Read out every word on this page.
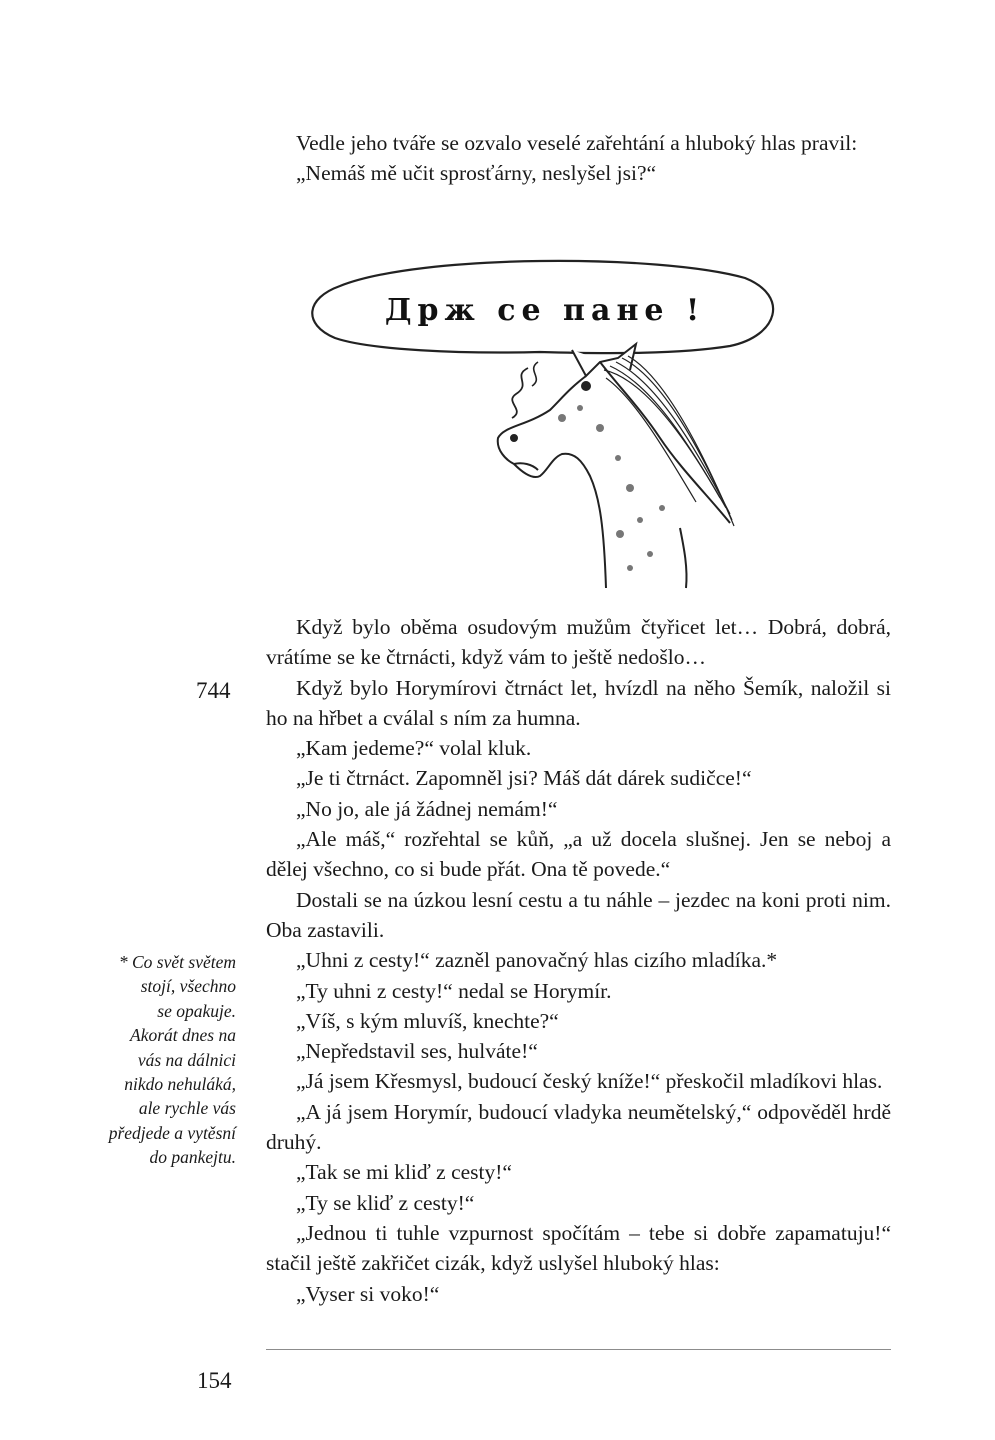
Vedle jeho tváře se ozvalo veselé zařehtání a hluboký hlas pravil:

„Nemáš mě učit sprosťárny, neslyšel jsi?“

Држ се пане !
744

Když bylo oběma osudovým mužům čtyřicet let… Dobrá, dobrá, vrátíme se ke čtrnácti, když vám to ještě nedošlo…

Když bylo Horymírovi čtrnáct let, hvízdl na něho Šemík, naložil si ho na hřbet a cválal s ním za humna.

„Kam jedeme?“ volal kluk.

„Je ti čtrnáct. Zapomněl jsi? Máš dát dárek sudičce!“

„No jo, ale já žádnej nemám!“

„Ale máš,“ rozřehtal se kůň, „a už docela slušnej. Jen se neboj a dělej všechno, co si bude přát. Ona tě povede.“

Dostali se na úzkou lesní cestu a tu náhle – jezdec na koni proti nim. Oba zastavili.

„Uhni z cesty!“ zazněl panovačný hlas cizího mladíka.*

„Ty uhni z cesty!“ nedal se Horymír.

„Víš, s kým mluvíš, knechte?“

„Nepředstavil ses, hulváte!“

„Já jsem Křesmysl, budoucí český kníže!“ přeskočil mladíkovi hlas.

„A já jsem Horymír, budoucí vladyka neumětelský,“ odpověděl hrdě druhý.

„Tak se mi kliď z cesty!“

„Ty se kliď z cesty!“

„Jednou ti tuhle vzpurnost spočítám – tebe si dobře zapamatuju!“ stačil ještě zakřičet cizák, když uslyšel hluboký hlas:

„Vyser si voko!“

* Co svět světem
stojí, všechno
se opakuje.
Akorát dnes na
vás na dálnici
nikdo nehuláká,
ale rychle vás
předjede a vytěsní
do pankejtu.
154
